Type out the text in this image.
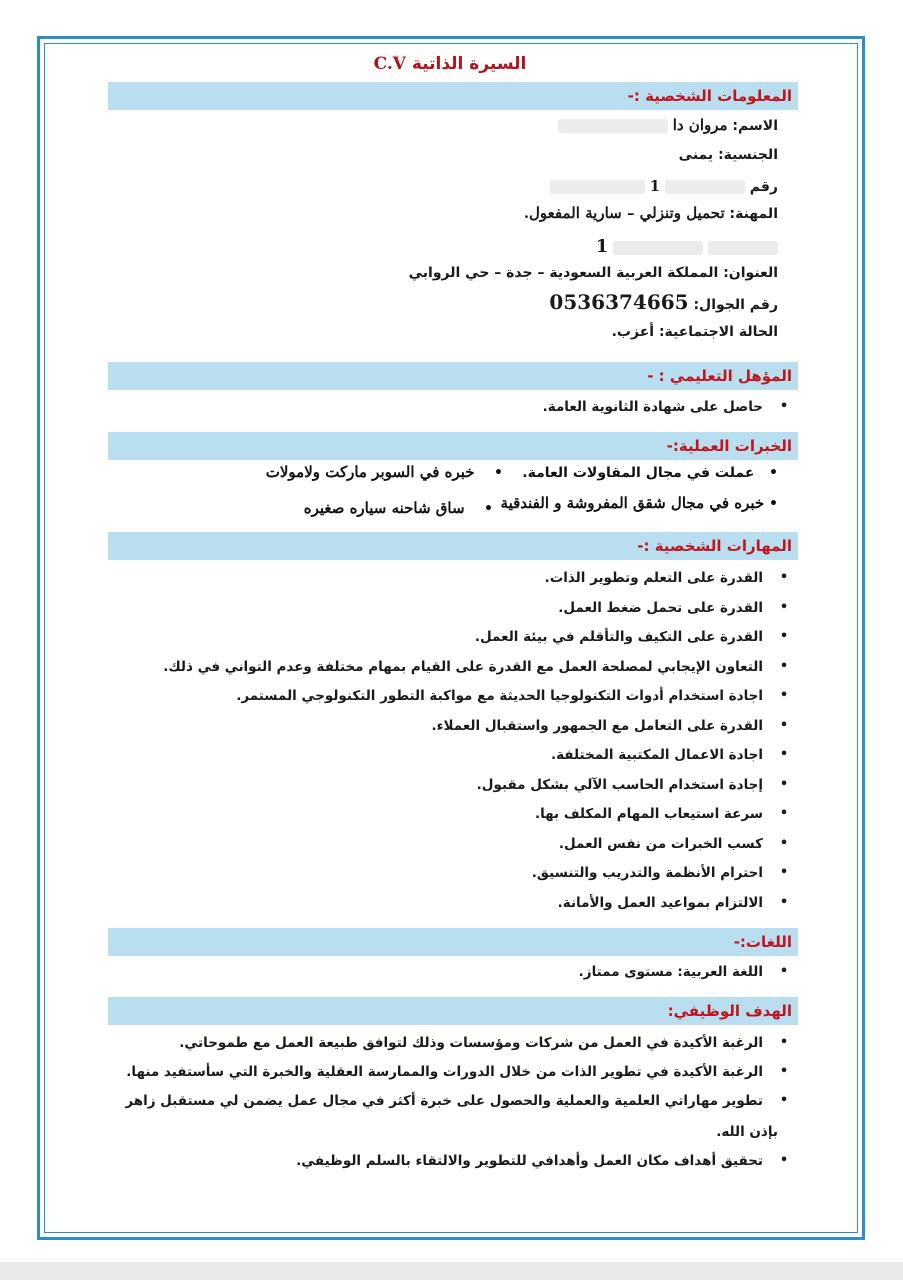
السيرة الذاتية C.V
المعلومات الشخصية :-
الاسم: مروان دا
الجنسية: يمنى
رقم  1
المهنة: تحميل وتنزلي – سارية المفعول.
1
العنوان: المملكة العربية السعودية – جدة – حي الروابي
رقم الجوال: 0536374665
الحالة الاجتماعية: أعزب.
المؤهل التعليمي : -
•
حاصل على شهادة الثانوية العامة.
الخبرات العملية:-
•   عملت في مجال المقاولات العامة.
•    خبره في السوبر ماركت ولامولات
• خبره في مجال شقق المفروشة و الفندقية
•    ساق شاحنه سياره صغيره
المهارات الشخصية :-
•
القدرة على التعلم وتطوير الذات.
•
القدرة على تحمل ضغط العمل.
•
القدرة على التكيف والتأقلم في بيئة العمل.
•
التعاون الإيجابي لمصلحة العمل مع القدرة على القيام بمهام مختلفة وعدم التواني في ذلك.
•
اجادة استخدام أدوات التكنولوجيا الحديثة مع مواكبة التطور التكنولوجي المستمر.
•
القدرة على التعامل مع الجمهور واستقبال العملاء.
•
اجادة الاعمال المكتبية المختلفة.
•
إجادة استخدام الحاسب الآلي بشكل مقبول.
•
سرعة استيعاب المهام المكلف بها.
•
كسب الخبرات من نفس العمل.
•
احترام الأنظمة والتدريب والتنسيق.
•
الالتزام بمواعيد العمل والأمانة.
اللغات:-
•
اللغة العربية: مستوى ممتاز.
الهدف الوظيفي:
•
الرغبة الأكيدة في العمل من شركات ومؤسسات وذلك لتوافق طبيعة العمل مع طموحاتي.
•
الرغبة الأكيدة في تطوير الذات من خلال الدورات والممارسة العقلية والخبرة التي سأستفيد منها.
•
تطوير مهاراتي العلمية والعملية والحصول على خبرة أكثر في مجال عمل يضمن لي مستقبل زاهر
•
تحقيق أهداف مكان العمل وأهدافي للتطوير والالتقاء بالسلم الوظيفي.
بإذن الله.
